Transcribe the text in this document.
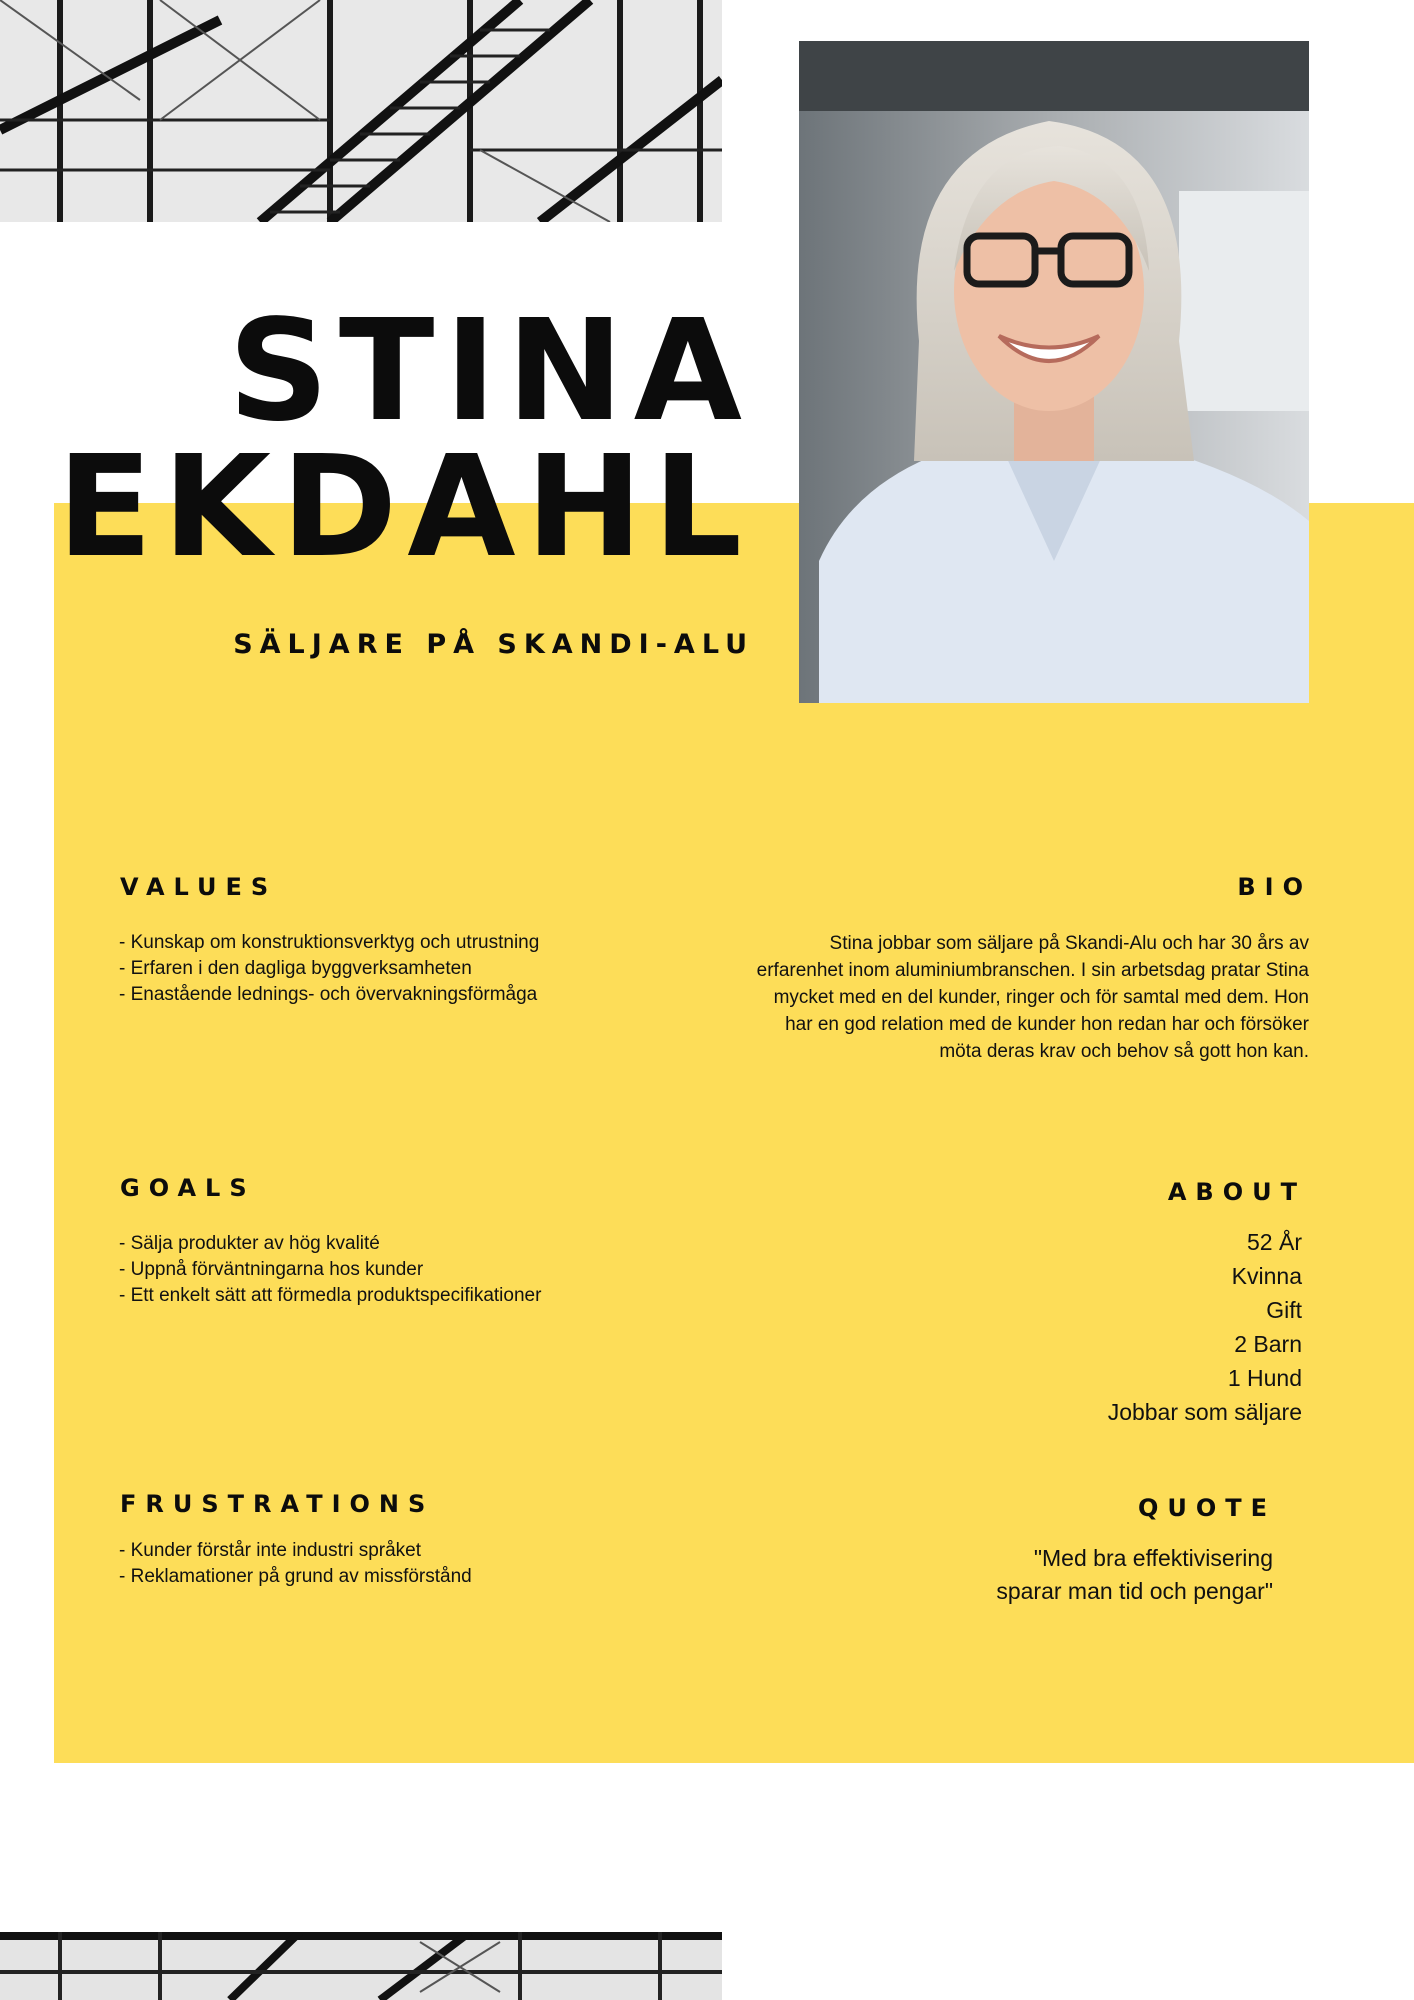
STINA
EKDAHL
SÄLJARE PÅ SKANDI-ALU
VALUES
- Kunskap om konstruktionsverktyg och utrustning
- Erfaren i den dagliga byggverksamheten
- Enastående lednings- och övervakningsförmåga
BIO
Stina jobbar som säljare på Skandi-Alu och har 30 års av erfarenhet inom aluminiumbranschen. I sin arbetsdag pratar Stina mycket med en del kunder, ringer och för samtal med dem. Hon har en god relation med de kunder hon redan har och försöker möta deras krav och behov så gott hon kan.
GOALS
- Sälja produkter av hög kvalité
- Uppnå förväntningarna hos kunder
- Ett enkelt sätt att förmedla produktspecifikationer
ABOUT
52 År
Kvinna
Gift
2 Barn
1 Hund
Jobbar som säljare
FRUSTRATIONS
- Kunder förstår inte industri språket
- Reklamationer på grund av missförstånd
QUOTE
"Med bra effektivisering
sparar man tid och pengar"
